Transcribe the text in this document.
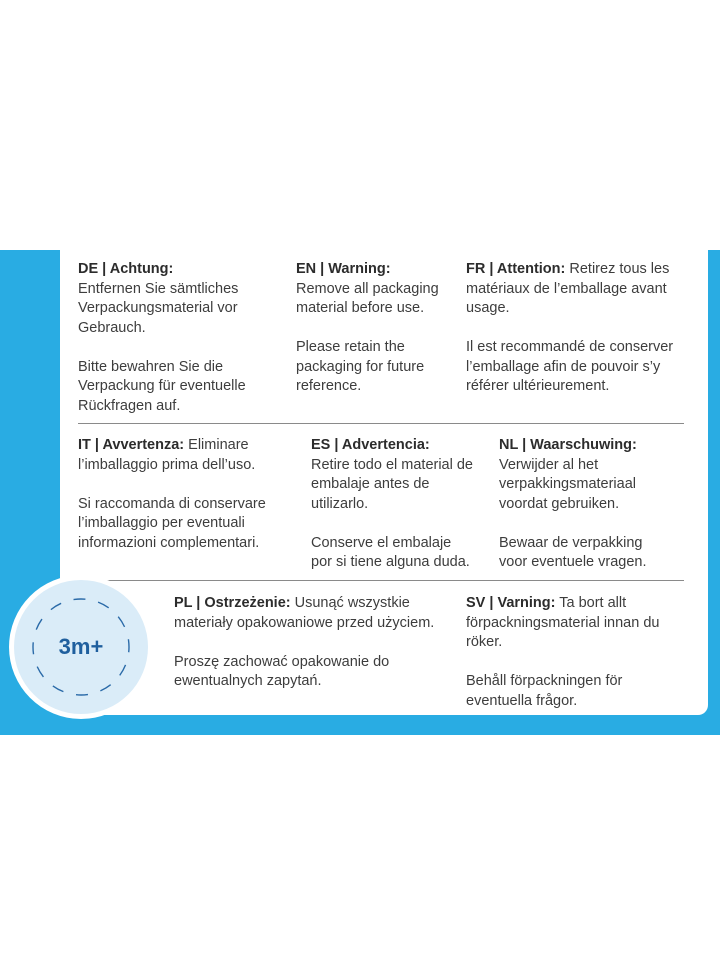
DE | Achtung:
Entfernen Sie sämtliches Verpackungsmaterial vor Gebrauch.

Bitte bewahren Sie die Verpackung für eventuelle Rückfragen auf.

EN | Warning:
Remove all packaging material before use.

Please retain the packaging for future reference.

FR | Attention: Retirez tous les matériaux de l’emballage avant usage.

Il est recommandé de conserver l’emballage afin de pouvoir s’y référer ultérieurement.

IT | Avvertenza: Eliminare l’imballaggio prima dell’uso.

Si raccomanda di conservare l’imballaggio per eventuali informazioni complementari.

ES | Advertencia:
Retire todo el material de embalaje antes de utilizarlo.

Conserve el embalaje por si tiene alguna duda.

NL | Waarschuwing:
Verwijder al het verpakkingsmateriaal voordat gebruiken.

Bewaar de verpakking voor eventuele vragen.

PL | Ostrzeżenie: Usunąć wszystkie materiały opakowaniowe przed użyciem.

Proszę zachować opakowanie do ewentualnych zapytań.

SV | Varning: Ta bort allt förpackningsmaterial innan du röker.

Behåll förpackningen för eventuella frågor.

3m+
